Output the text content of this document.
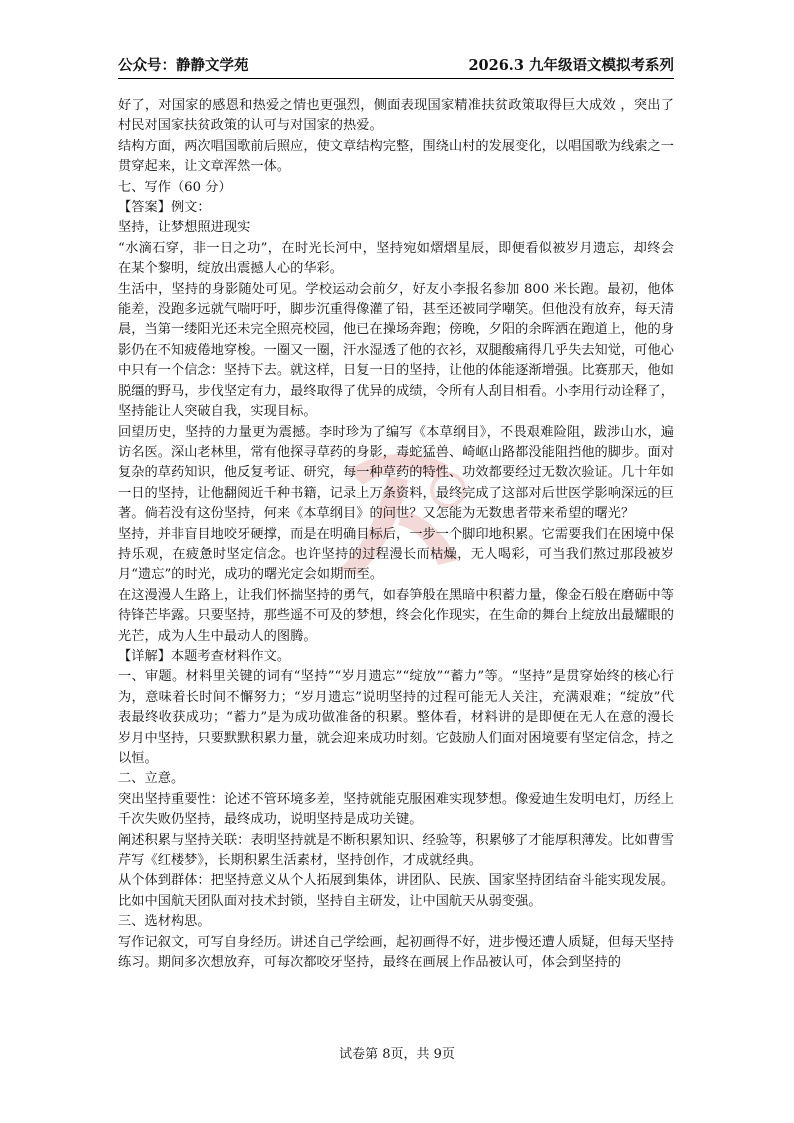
公众号：静静文学苑	2026.3 九年级语文模拟考系列

好了，对国家的感恩和热爱之情也更强烈，侧面表现国家精准扶贫政策取得巨大成效 ，突出了村民对国家扶贫政策的认可与对国家的热爱。

结构方面，两次唱国歌前后照应，使文章结构完整，围绕山村的发展变化，以唱国歌为线索之一贯穿起来，让文章浑然一体。

七、写作（60 分）

【答案】例文：

坚持，让梦想照进现实

“水滴石穿，非一日之功”，在时光长河中，坚持宛如熠熠星辰，即便看似被岁月遗忘，却终会在某个黎明，绽放出震撼人心的华彩。

生活中，坚持的身影随处可见。学校运动会前夕，好友小李报名参加 800 米长跑。最初，他体能差，没跑多远就气喘吁吁，脚步沉重得像灌了铅，甚至还被同学嘲笑。但他没有放弃，每天清晨，当第一缕阳光还未完全照亮校园，他已在操场奔跑；傍晚，夕阳的余晖洒在跑道上，他的身影仍在不知疲倦地穿梭。一圈又一圈，汗水湿透了他的衣衫，双腿酸痛得几乎失去知觉，可他心中只有一个信念：坚持下去。就这样，日复一日的坚持，让他的体能逐渐增强。比赛那天，他如脱缰的野马，步伐坚定有力，最终取得了优异的成绩，令所有人刮目相看。小李用行动诠释了，坚持能让人突破自我，实现目标。

回望历史，坚持的力量更为震撼。李时珍为了编写《本草纲目》，不畏艰难险阻，跋涉山水，遍访名医。深山老林里，常有他探寻草药的身影，毒蛇猛兽、崎岖山路都没能阻挡他的脚步。面对复杂的草药知识，他反复考证、研究，每一种草药的特性、功效都要经过无数次验证。几十年如一日的坚持，让他翻阅近千种书籍，记录上万条资料，最终完成了这部对后世医学影响深远的巨著。倘若没有这份坚持，何来《本草纲目》的问世？又怎能为无数患者带来希望的曙光？

坚持，并非盲目地咬牙硬撑，而是在明确目标后，一步一个脚印地积累。它需要我们在困境中保持乐观，在疲惫时坚定信念。也许坚持的过程漫长而枯燥，无人喝彩，可当我们熬过那段被岁月“遗忘”的时光，成功的曙光定会如期而至。

在这漫漫人生路上，让我们怀揣坚持的勇气，如春笋般在黑暗中积蓄力量，像金石般在磨砺中等待锋芒毕露。只要坚持，那些遥不可及的梦想，终会化作现实，在生命的舞台上绽放出最耀眼的光芒，成为人生中最动人的图腾。

【详解】本题考查材料作文。

一、审题。材料里关键的词有“坚持”“岁月遗忘”“绽放”“蓄力”等。“坚持”是贯穿始终的核心行为，意味着长时间不懈努力；“岁月遗忘”说明坚持的过程可能无人关注，充满艰难；“绽放”代表最终收获成功；“蓄力”是为成功做准备的积累。整体看，材料讲的是即便在无人在意的漫长岁月中坚持，只要默默积累力量，就会迎来成功时刻。它鼓励人们面对困境要有坚定信念，持之以恒。

二、立意。

突出坚持重要性：论述不管环境多差，坚持就能克服困难实现梦想。像爱迪生发明电灯，历经上千次失败仍坚持，最终成功，说明坚持是成功关键。

阐述积累与坚持关联：表明坚持就是不断积累知识、经验等，积累够了才能厚积薄发。比如曹雪芹写《红楼梦》，长期积累生活素材，坚持创作，才成就经典。

从个体到群体：把坚持意义从个人拓展到集体，讲团队、民族、国家坚持团结奋斗能实现发展。比如中国航天团队面对技术封锁，坚持自主研发，让中国航天从弱变强。

三、选材构思。

写作记叙文，可写自身经历。讲述自己学绘画，起初画得不好，进步慢还遭人质疑，但每天坚持练习。期间多次想放弃，可每次都咬牙坚持，最终在画展上作品被认可，体会到坚持的

试卷第 8页，共 9页
